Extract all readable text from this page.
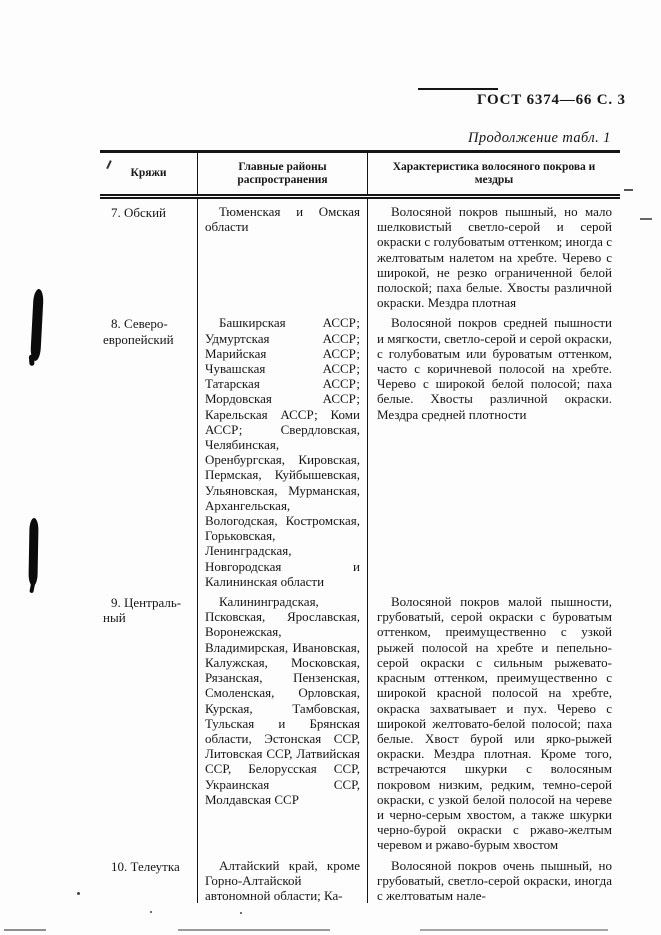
ГОСТ 6374—66 С. 3
Продолжение табл. 1
Кряжи
Главные районы распространения
Характеристика волосяного покрова и мездры
7. Обский	Тюменская и Омская области
Волосяной покров пышный, но мало шелковистый светло-серой и серой окраски с голубоватым оттенком; иногда с желтоватым налетом на хребте. Черево с широкой, не резко ограниченной белой полоской; паха белые. Хвосты различной окраски. Мездра плотная
8. Северо-европейский
Башкирская АССР; Удмуртская АССР; Марийская АССР; Чувашская АССР; Татарская АССР; Мордовская АССР; Карельская АССР; Коми АССР; Свердловская, Челябинская, Оренбургская, Кировская, Пермская, Куйбышевская, Ульяновская, Мурманская, Архангельская, Вологодская, Костромская, Горьковская, Ленинградская, Новгородская и Калининская области
Волосяной покров средней пышности и мягкости, светло-серой и серой окраски, с голубоватым или буроватым оттенком, часто с коричневой полосой на хребте. Черево с широкой белой полосой; паха белые. Хвосты различной окраски. Мездра средней плотности
9. Центральный
Калининградская, Псковская, Ярославская, Воронежская, Владимирская, Ивановская, Калужская, Московская, Рязанская, Пензенская, Смоленская, Орловская, Курская, Тамбовская, Тульская и Брянская области, Эстонская ССР, Литовская ССР, Латвийская ССР, Белорусская ССР, Украинская ССР, Молдавская ССР
Волосяной покров малой пышности, грубоватый, серой окраски с буроватым оттенком, преимущественно с узкой рыжей полосой на хребте и пепельно-серой окраски с сильным рыжевато-красным оттенком, преимущественно с широкой красной полосой на хребте, окраска захватывает и пух. Черево с широкой желтовато-белой полосой; паха белые. Хвост бурой или ярко-рыжей окраски. Мездра плотная. Кроме того, встречаются шкурки с волосяным покровом низким, редким, темно-серой окраски, с узкой белой полосой на череве и черно-серым хвостом, а также шкурки черно-бурой окраски с ржаво-желтым черевом и ржаво-бурым хвостом
10. Телеутка	Алтайский край, кроме Горно-Алтайской автономной области; Ка-
Волосяной покров очень пышный, но грубоватый, светло-серой окраски, иногда с желтоватым нале-
